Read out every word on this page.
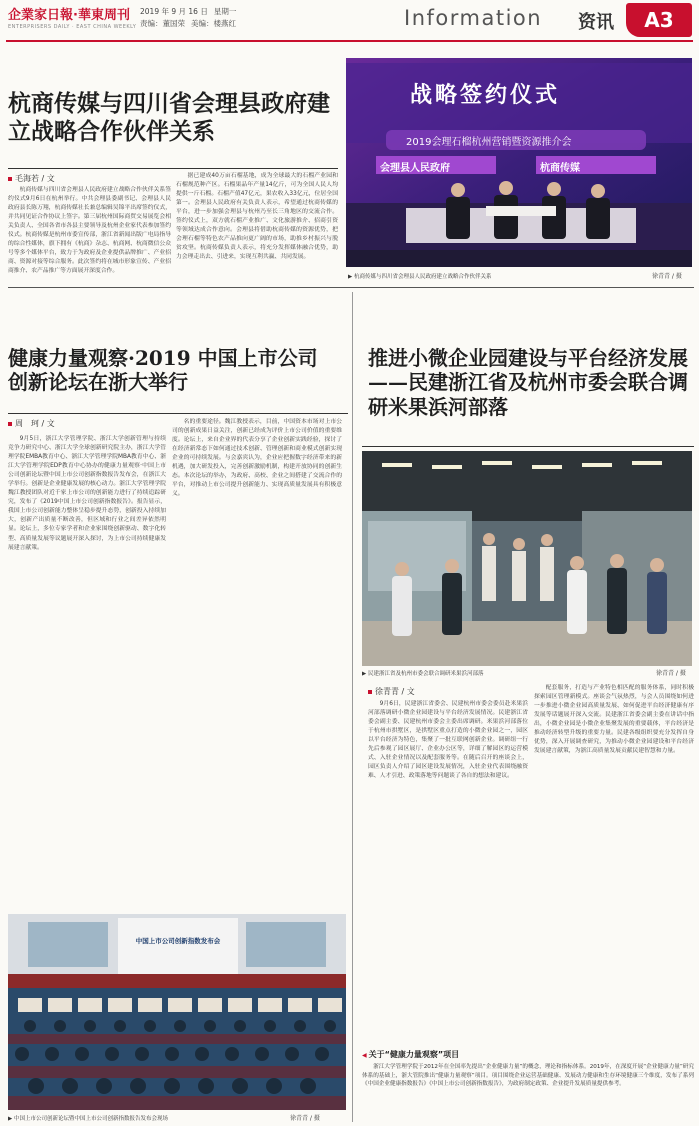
企業家日報·華東周刊
ENTERPRISERS DAILY · EAST CHINA WEEKLY
2019 年 9 月 16 日 星期一
责编：董国荣 美编：楼燕红	Information 资讯	A3
杭商传媒与四川省会理县政府建立战略合作伙伴关系
毛海若 / 文

杭商传媒与四川省会理县人民政府建立战略合作伙伴关系签约仪式9月6日在杭州举行。中共会理县委副书记、会理县人民政府县长陈万翔，杭商传媒社长兼总编辑吴锦平出席签约仪式，并共同见证合作协议上签字。第三届杭州国际商贸交易展览会相关负责人、全国各省市各县主要领导及杭州企业家代表参加签约仪式。杭商传媒是杭州市委宣传部，浙江省新闻出版广电局指导的综合性媒体，旗下拥有《杭商》杂志、杭商网、杭商微信公众号等多个媒体平台，致力于为政府及企业提供品牌推广、产业招商、资源对接等综合服务。此次签约将在城市形象宣传、产业招商推介、农产品推广等方面展开深度合作。

据已建成40万亩石榴基地，成为全球最大的石榴产业园和石榴规范种产区。石榴果品年产量14亿斤，可为全国人民人均提供一斤石榴。石榴产值47亿元，果农收入33亿元，位居全国第一。会理县人民政府有关负责人表示，希望通过杭商传媒的平台，进一步加强会理县与杭州乃至长三角地区的交流合作。签约仪式上，双方就石榴产业推广、文化旅游推介、招商引资等领域达成合作意向。会理县将借助杭商传媒的资源优势，把会理石榴等特色农产品推向更广阔的市场，助推乡村振兴与脱贫攻坚。杭商传媒负责人表示，将充分发挥媒体融合优势，助力会理走出去、引进来，实现互利共赢、共同发展。

战略签约仪式
2019会理石榴杭州营销暨资源推介会
会理县人民政府	杭商传媒
▶ 杭商传媒与四川省会理县人民政府建立战略合作伙伴关系	徐青青 / 摄
健康力量观察·2019 中国上市公司创新论坛在浙大举行
周　珂 / 文

9月5日，浙江大学管理学院、浙江大学创新管理与持续竞争力研究中心、浙江大学全球创新研究院主办，浙江大学管理学院EMBA教育中心、浙江大学管理学院MBA教育中心、浙江大学管理学院EDP教育中心协办的健康力量观察·中国上市公司创新论坛暨中国上市公司创新指数报告发布会，在浙江大学举行。创新是企业健康发展的核心动力。浙江大学管理学院魏江教授团队对近千家上市公司的创新能力进行了持续追踪研究，发布了《2019中国上市公司创新指数报告》。报告显示，我国上市公司创新能力整体呈稳步提升态势，创新投入持续加大，创新产出质量不断改善，但区域和行业之间差异依然明显。论坛上，多位专家学者和企业家围绕创新驱动、数字化转型、高质量发展等议题展开深入探讨，为上市公司持续健康发展建言献策。

名的重要途径。魏江教授表示，目前，中国资本市场对上市公司的创新成果日益关注，创新已经成为评价上市公司价值的重要维度。论坛上，来自企业界的代表分享了企业创新实践经验，探讨了在经济新常态下如何通过技术创新、管理创新和商业模式创新实现企业的可持续发展。与会嘉宾认为，企业应把握数字经济带来的新机遇，加大研发投入，完善创新激励机制，构建开放协同的创新生态。本次论坛的举办，为政府、高校、企业之间搭建了交流合作的平台，对推动上市公司提升创新能力、实现高质量发展具有积极意义。

中国上市公司创新指数发布会
▶ 中国上市公司创新论坛暨中国上市公司创新指数报告发布会现场	徐青青 / 摄
推进小微企业园建设与平台经济发展——民建浙江省及杭州市委会联合调研米果浜河部落
▶ 民建浙江省及杭州市委会联合调研米果浜河部落	徐青青 / 摄
徐青青 / 文

9月6日，民建浙江省委会、民建杭州市委会委员赴米果浜河部落调研小微企业园建设与平台经济发展情况。民建浙江省委会副主委、民建杭州市委会主委出席调研。米果浜河部落位于杭州市拱墅区，是拱墅区重点打造的小微企业园之一，园区以平台经济为特色，集聚了一批互联网创新企业。调研组一行先后参观了园区展厅、企业办公区等，详细了解园区的运营模式、入驻企业情况以及配套服务等。在随后召开的座谈会上，园区负责人介绍了园区建设发展情况，入驻企业代表围绕融资难、人才引进、政策落地等问题谈了各自的想法和建议。

配套服务，打造与产业特色相匹配的服务体系，同时积极探索园区管理新模式。座谈会气氛热烈，与会人员围绕如何进一步推进小微企业园高质量发展、如何促进平台经济健康有序发展等话题展开深入交流。民建浙江省委会副主委在讲话中指出，小微企业园是小微企业集聚发展的重要载体，平台经济是推动经济转型升级的重要力量。民建各级组织要充分发挥自身优势，深入开展调查研究，为推动小微企业园建设和平台经济发展建言献策，为浙江高质量发展贡献民建智慧和力量。

◀ 关于“健康力量观察”项目
浙江大学管理学院于2012年在全国率先提出“企业健康力量”的概念，理论和指标体系。2019年，在深度开展“企业健康力量”研究体系的基础上，浙大管院推出“健康力量观察”项目。项目围绕企业运营基础健康、发展动力健康和生存环境健康三个维度，发布了系列《中国企业健康指数报告》《中国上市公司创新指数报告》，为政府制定政策、企业提升发展质量提供参考。
